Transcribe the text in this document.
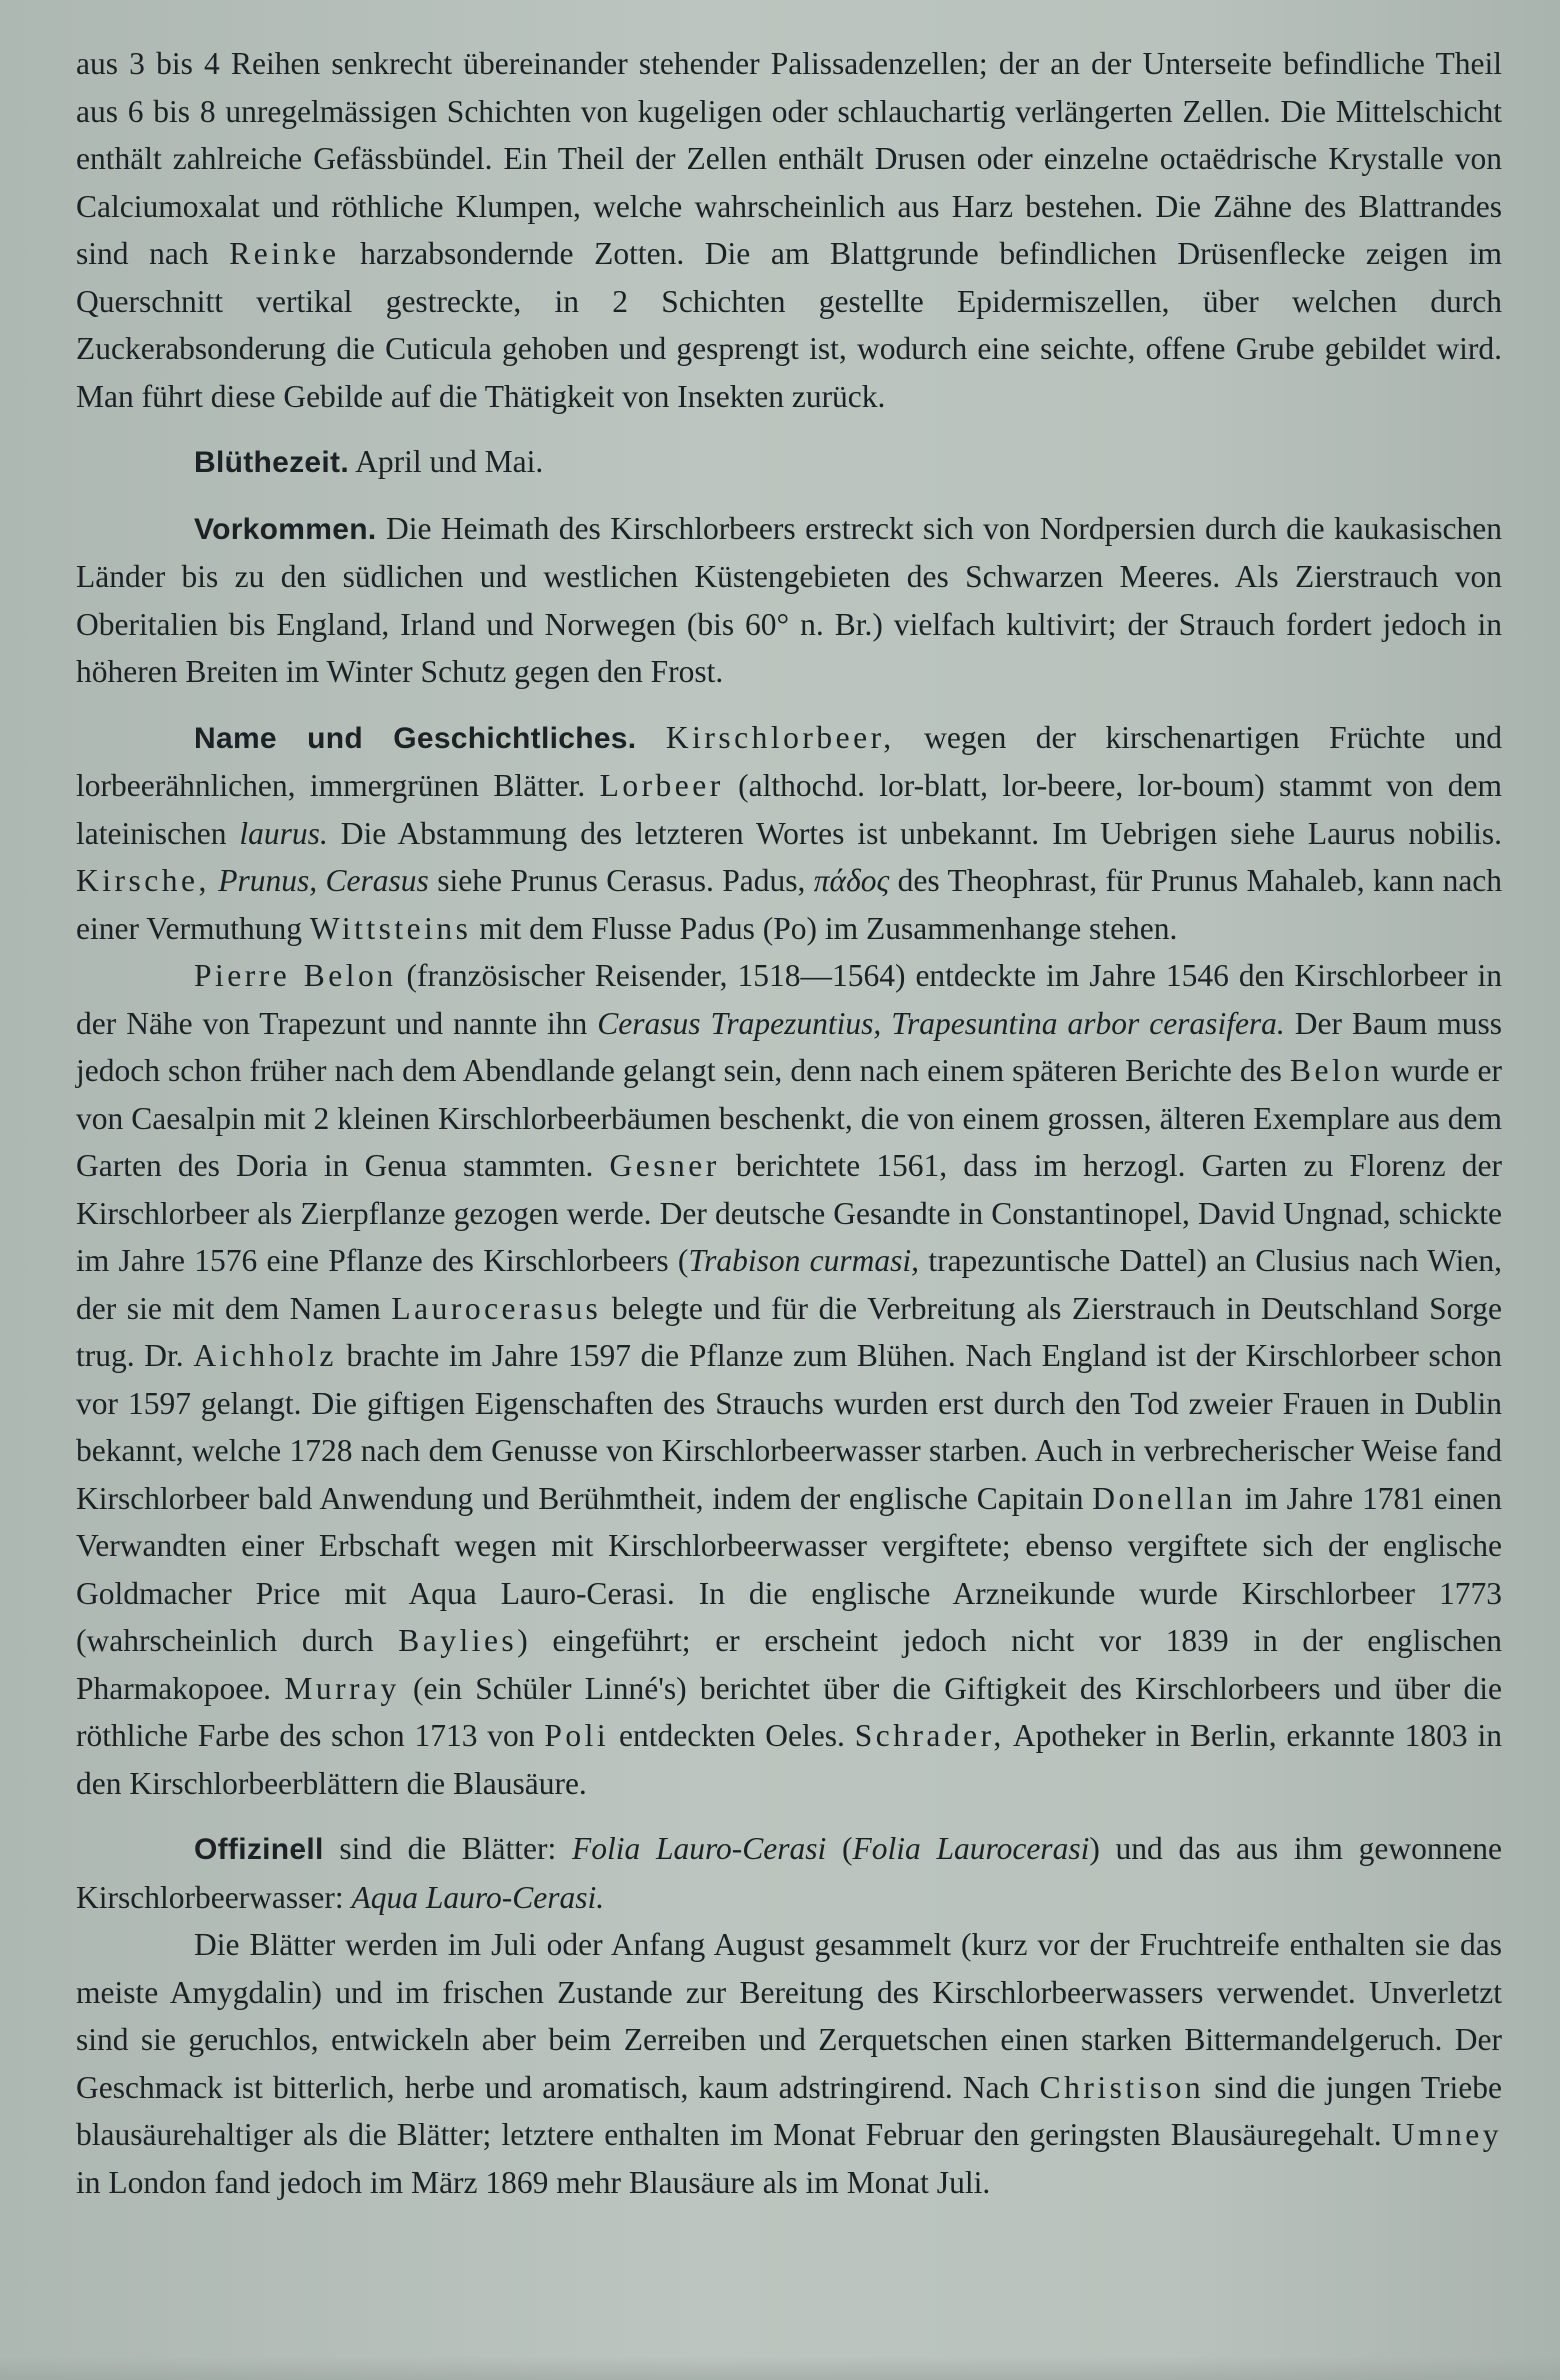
aus 3 bis 4 Reihen senkrecht übereinander stehender Palissadenzellen; der an der Unterseite befindliche Theil aus 6 bis 8 unregelmässigen Schichten von kugeligen oder schlauchartig verlängerten Zellen. Die Mittelschicht enthält zahlreiche Gefässbündel. Ein Theil der Zellen enthält Drusen oder einzelne octaëdrische Krystalle von Calciumoxalat und röthliche Klumpen, welche wahrscheinlich aus Harz bestehen. Die Zähne des Blattrandes sind nach Reinke harzabsondernde Zotten. Die am Blattgrunde befindlichen Drüsenflecke zeigen im Querschnitt vertikal gestreckte, in 2 Schichten gestellte Epidermiszellen, über welchen durch Zuckerabsonderung die Cuticula gehoben und gesprengt ist, wodurch eine seichte, offene Grube gebildet wird. Man führt diese Gebilde auf die Thätigkeit von Insekten zurück.

Blüthezeit. April und Mai.

Vorkommen. Die Heimath des Kirschlorbeers erstreckt sich von Nordpersien durch die kaukasischen Länder bis zu den südlichen und westlichen Küstengebieten des Schwarzen Meeres. Als Zierstrauch von Oberitalien bis England, Irland und Norwegen (bis 60° n. Br.) vielfach kultivirt; der Strauch fordert jedoch in höheren Breiten im Winter Schutz gegen den Frost.

Name und Geschichtliches. Kirschlorbeer, wegen der kirschenartigen Früchte und lorbeerähnlichen, immergrünen Blätter. Lorbeer (althochd. lor-blatt, lor-beere, lor-boum) stammt von dem lateinischen laurus. Die Abstammung des letzteren Wortes ist unbekannt. Im Uebrigen siehe Laurus nobilis. Kirsche, Prunus, Cerasus siehe Prunus Cerasus. Padus, πάδος des Theophrast, für Prunus Mahaleb, kann nach einer Vermuthung Wittsteins mit dem Flusse Padus (Po) im Zusammenhange stehen.

Pierre Belon (französischer Reisender, 1518—1564) entdeckte im Jahre 1546 den Kirschlorbeer in der Nähe von Trapezunt und nannte ihn Cerasus Trapezuntius, Trapesuntina arbor cerasifera. Der Baum muss jedoch schon früher nach dem Abendlande gelangt sein, denn nach einem späteren Berichte des Belon wurde er von Caesalpin mit 2 kleinen Kirschlorbeerbäumen beschenkt, die von einem grossen, älteren Exemplare aus dem Garten des Doria in Genua stammten. Gesner berichtete 1561, dass im herzogl. Garten zu Florenz der Kirschlorbeer als Zierpflanze gezogen werde. Der deutsche Gesandte in Constantinopel, David Ungnad, schickte im Jahre 1576 eine Pflanze des Kirschlorbeers (Trabison curmasi, trapezuntische Dattel) an Clusius nach Wien, der sie mit dem Namen Laurocerasus belegte und für die Verbreitung als Zierstrauch in Deutschland Sorge trug. Dr. Aichholz brachte im Jahre 1597 die Pflanze zum Blühen. Nach England ist der Kirschlorbeer schon vor 1597 gelangt. Die giftigen Eigenschaften des Strauchs wurden erst durch den Tod zweier Frauen in Dublin bekannt, welche 1728 nach dem Genusse von Kirschlorbeerwasser starben. Auch in verbrecherischer Weise fand Kirschlorbeer bald Anwendung und Berühmtheit, indem der englische Capitain Donellan im Jahre 1781 einen Verwandten einer Erbschaft wegen mit Kirschlorbeerwasser vergiftete; ebenso vergiftete sich der englische Goldmacher Price mit Aqua Lauro-Cerasi. In die englische Arzneikunde wurde Kirschlorbeer 1773 (wahrscheinlich durch Baylies) eingeführt; er erscheint jedoch nicht vor 1839 in der englischen Pharmakopoee. Murray (ein Schüler Linné's) berichtet über die Giftigkeit des Kirschlorbeers und über die röthliche Farbe des schon 1713 von Poli entdeckten Oeles. Schrader, Apotheker in Berlin, erkannte 1803 in den Kirschlorbeerblättern die Blausäure.

Offizinell sind die Blätter: Folia Lauro-Cerasi (Folia Laurocerasi) und das aus ihm gewonnene Kirschlorbeerwasser: Aqua Lauro-Cerasi.

Die Blätter werden im Juli oder Anfang August gesammelt (kurz vor der Fruchtreife enthalten sie das meiste Amygdalin) und im frischen Zustande zur Bereitung des Kirschlorbeerwassers verwendet. Unverletzt sind sie geruchlos, entwickeln aber beim Zerreiben und Zerquetschen einen starken Bittermandelgeruch. Der Geschmack ist bitterlich, herbe und aromatisch, kaum adstringirend. Nach Christison sind die jungen Triebe blausäurehaltiger als die Blätter; letztere enthalten im Monat Februar den geringsten Blausäuregehalt. Umney in London fand jedoch im März 1869 mehr Blausäure als im Monat Juli.
